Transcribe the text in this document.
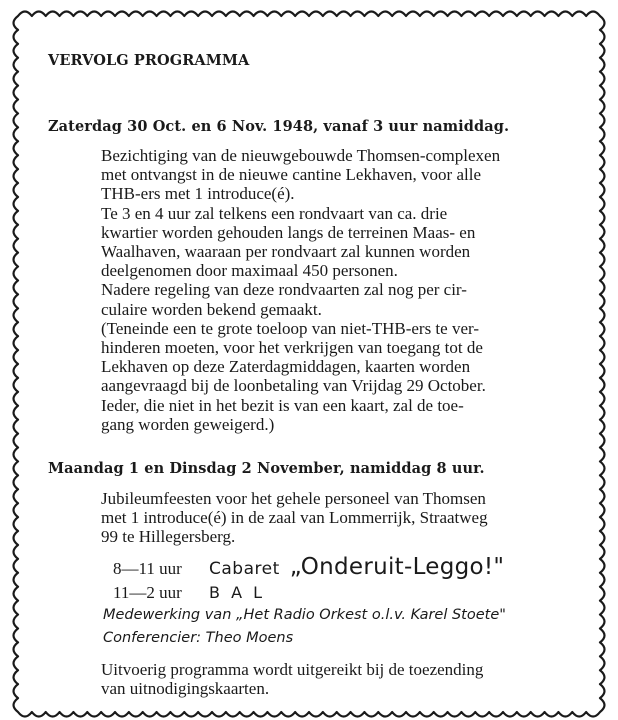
VERVOLG PROGRAMMA
Zaterdag 30 Oct. en 6 Nov. 1948, vanaf 3 uur namiddag.
Bezichtiging van de nieuwgebouwde Thomsen-complexen
met ontvangst in de nieuwe cantine Lekhaven, voor alle
THB-ers met 1 introduce(é).
Te 3 en 4 uur zal telkens een rondvaart van ca. drie
kwartier worden gehouden langs de terreinen Maas- en
Waalhaven, waaraan per rondvaart zal kunnen worden
deelgenomen door maximaal 450 personen.
Nadere regeling van deze rondvaarten zal nog per cir-
culaire worden bekend gemaakt.
(Teneinde een te grote toeloop van niet-THB-ers te ver-
hinderen moeten, voor het verkrijgen van toegang tot de
Lekhaven op deze Zaterdagmiddagen, kaarten worden
aangevraagd bij de loonbetaling van Vrijdag 29 October.
Ieder, die niet in het bezit is van een kaart, zal de toe-
gang worden geweigerd.)
Maandag 1 en Dinsdag 2 November, namiddag 8 uur.
Jubileumfeesten voor het gehele personeel van Thomsen
met 1 introduce(é) in de zaal van Lommerrijk, Straatweg
99 te Hillegersberg.
8—11 uur	Cabaret „Onderuit-Leggo!"
11—2 uur	B A L
Medewerking van „Het Radio Orkest o.l.v. Karel Stoete"
Conferencier: Theo Moens
Uitvoerig programma wordt uitgereikt bij de toezending
van uitnodigingskaarten.
